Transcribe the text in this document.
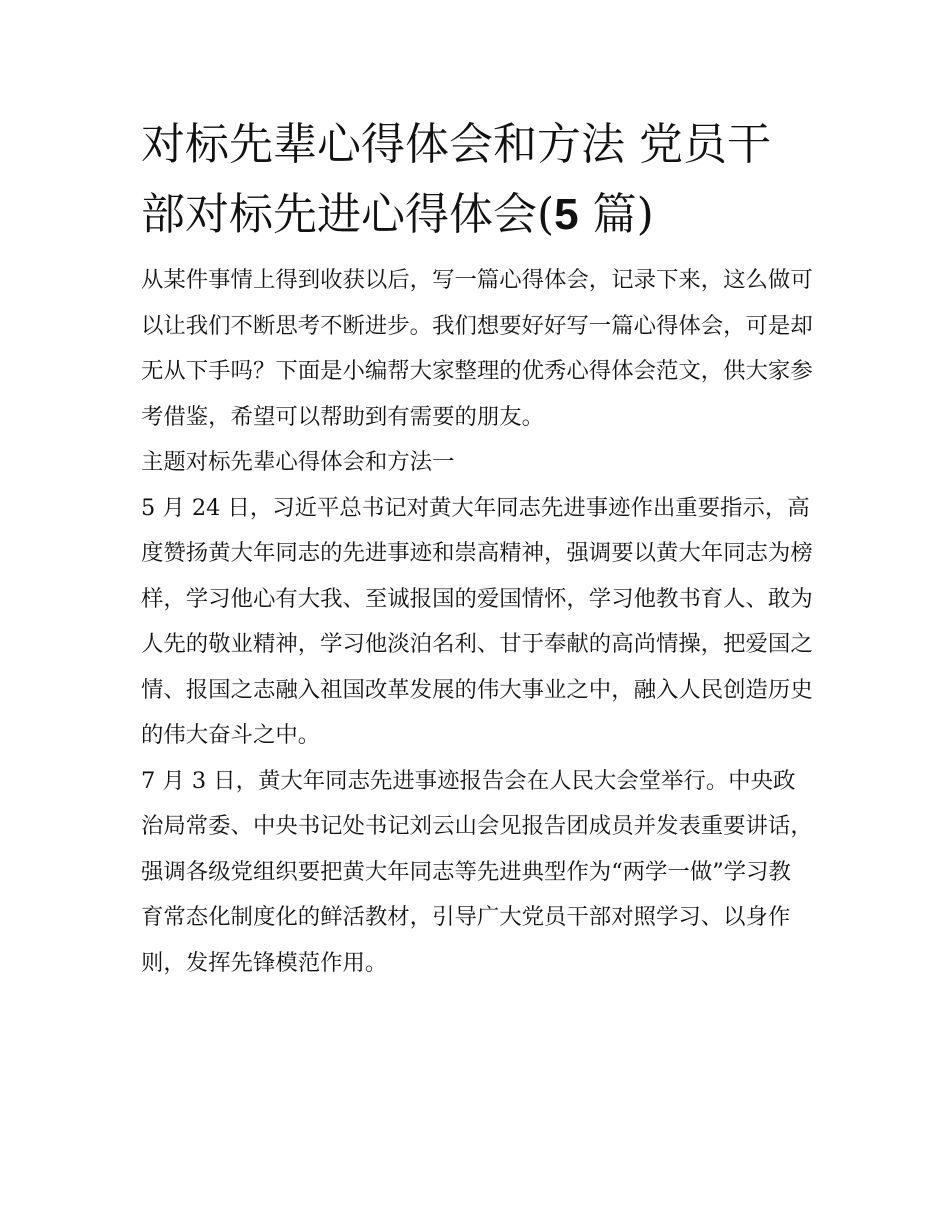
对标先辈心得体会和方法 党员干部对标先进心得体会(5 篇)

从某件事情上得到收获以后，写一篇心得体会，记录下来，这么做可以让我们不断思考不断进步。我们想要好好写一篇心得体会，可是却无从下手吗？下面是小编帮大家整理的优秀心得体会范文，供大家参考借鉴，希望可以帮助到有需要的朋友。

主题对标先辈心得体会和方法一

5 月 24 日，习近平总书记对黄大年同志先进事迹作出重要指示，高度赞扬黄大年同志的先进事迹和崇高精神，强调要以黄大年同志为榜样，学习他心有大我、至诚报国的爱国情怀，学习他教书育人、敢为人先的敬业精神，学习他淡泊名利、甘于奉献的高尚情操，把爱国之情、报国之志融入祖国改革发展的伟大事业之中，融入人民创造历史的伟大奋斗之中。

7 月 3 日，黄大年同志先进事迹报告会在人民大会堂举行。中央政治局常委、中央书记处书记刘云山会见报告团成员并发表重要讲话，强调各级党组织要把黄大年同志等先进典型作为“两学一做”学习教育常态化制度化的鲜活教材，引导广大党员干部对照学习、以身作则，发挥先锋模范作用。
